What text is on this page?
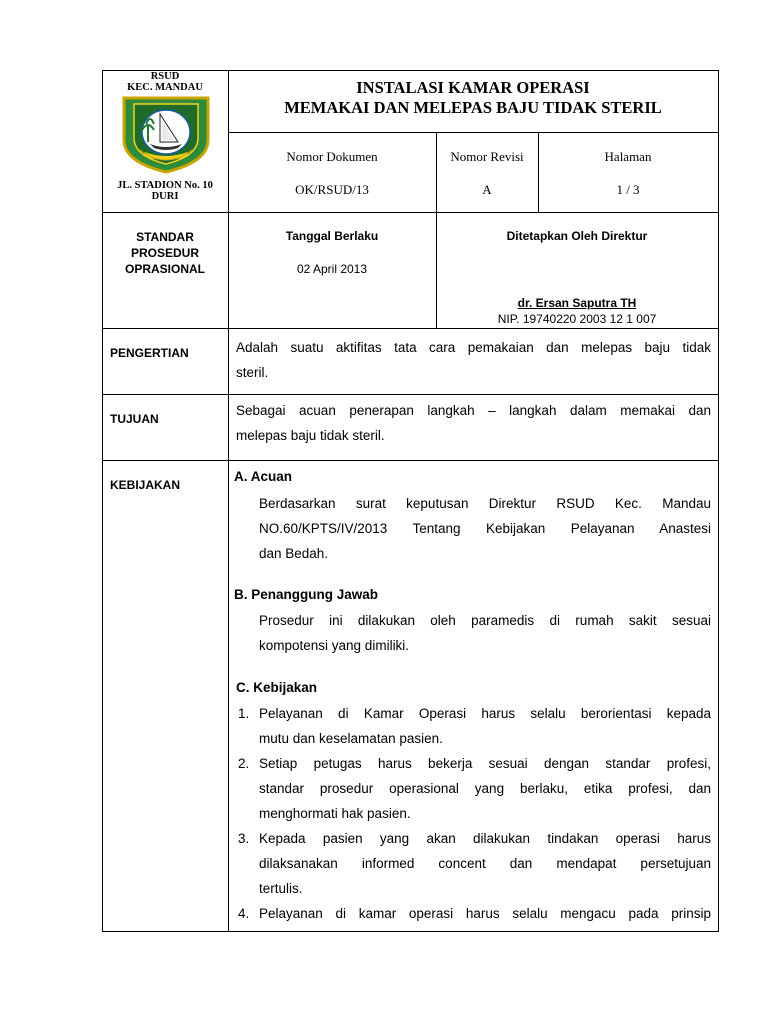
RSUD
KEC. MANDAU
JL. STADION No. 10
DURI
INSTALASI KAMAR OPERASI
MEMAKAI DAN MELEPAS BAJU TIDAK STERIL
Nomor Dokumen
OK/RSUD/13
Nomor Revisi
A
Halaman
1 / 3
STANDAR
PROSEDUR
OPRASIONAL
Tanggal Berlaku
02 April 2013
Ditetapkan Oleh Direktur
dr. Ersan Saputra TH
NIP. 19740220 2003 12 1 007
PENGERTIAN	Adalah suatu aktifitas tata cara pemakaian dan melepas baju tidak
steril.
TUJUAN
Sebagai acuan penerapan langkah – langkah dalam memakai dan
melepas baju tidak steril.
KEBIJAKAN
A. Acuan
Berdasarkan surat keputusan Direktur RSUD Kec. Mandau
NO.60/KPTS/IV/2013 Tentang Kebijakan Pelayanan Anastesi
dan Bedah.
B. Penanggung Jawab
Prosedur ini dilakukan oleh paramedis di rumah sakit sesuai
kompotensi yang dimiliki.
C. Kebijakan
1. Pelayanan di Kamar Operasi harus selalu berorientasi kepada
mutu dan keselamatan pasien.
2. Setiap petugas harus bekerja sesuai dengan standar profesi,
standar prosedur operasional yang berlaku, etika profesi, dan
menghormati hak pasien.
3. Kepada pasien yang akan dilakukan tindakan operasi harus
dilaksanakan informed concent dan mendapat persetujuan
tertulis.
4. Pelayanan di kamar operasi harus selalu mengacu pada prinsip
